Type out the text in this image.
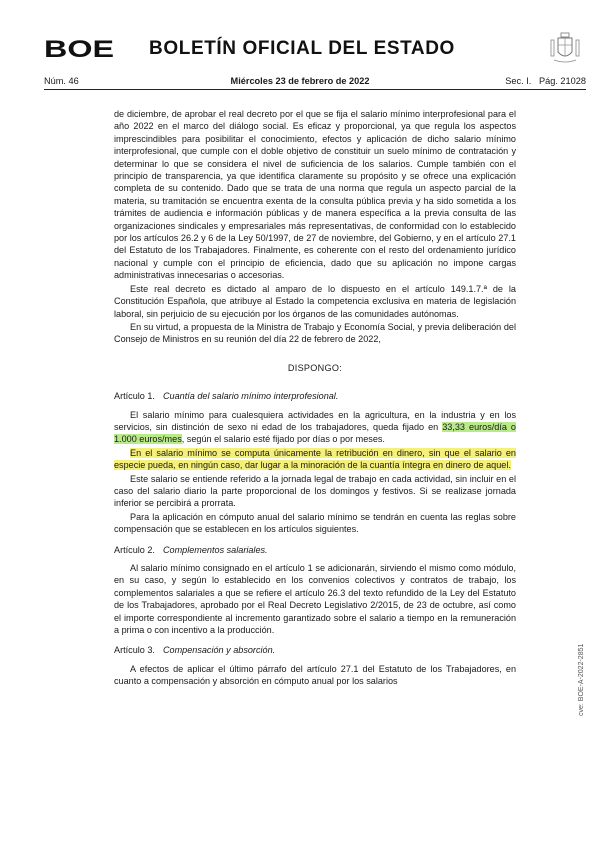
BOE	BOLETÍN OFICIAL DEL ESTADO
Núm. 46	Miércoles 23 de febrero de 2022	Sec. I. Pág. 21028

de diciembre, de aprobar el real decreto por el que se fija el salario mínimo interprofesional para el año 2022 en el marco del diálogo social. Es eficaz y proporcional, ya que regula los aspectos imprescindibles para posibilitar el conocimiento, efectos y aplicación de dicho salario mínimo interprofesional, que cumple con el doble objetivo de constituir un suelo mínimo de contratación y determinar lo que se considera el nivel de suficiencia de los salarios. Cumple también con el principio de transparencia, ya que identifica claramente su propósito y se ofrece una explicación completa de su contenido. Dado que se trata de una norma que regula un aspecto parcial de la materia, su tramitación se encuentra exenta de la consulta pública previa y ha sido sometida a los trámites de audiencia e información públicas y de manera específica a la previa consulta de las organizaciones sindicales y empresariales más representativas, de conformidad con lo establecido por los artículos 26.2 y 6 de la Ley 50/1997, de 27 de noviembre, del Gobierno, y en el artículo 27.1 del Estatuto de los Trabajadores. Finalmente, es coherente con el resto del ordenamiento jurídico nacional y cumple con el principio de eficiencia, dado que su aplicación no impone cargas administrativas innecesarias o accesorias.

Este real decreto es dictado al amparo de lo dispuesto en el artículo 149.1.7.ª de la Constitución Española, que atribuye al Estado la competencia exclusiva en materia de legislación laboral, sin perjuicio de su ejecución por los órganos de las comunidades autónomas.

En su virtud, a propuesta de la Ministra de Trabajo y Economía Social, y previa deliberación del Consejo de Ministros en su reunión del día 22 de febrero de 2022,

DISPONGO:
Artículo 1. Cuantía del salario mínimo interprofesional.

El salario mínimo para cualesquiera actividades en la agricultura, en la industria y en los servicios, sin distinción de sexo ni edad de los trabajadores, queda fijado en 33,33 euros/día o 1.000 euros/mes, según el salario esté fijado por días o por meses.

En el salario mínimo se computa únicamente la retribución en dinero, sin que el salario en especie pueda, en ningún caso, dar lugar a la minoración de la cuantía íntegra en dinero de aquel.

Este salario se entiende referido a la jornada legal de trabajo en cada actividad, sin incluir en el caso del salario diario la parte proporcional de los domingos y festivos. Si se realizase jornada inferior se percibirá a prorrata.

Para la aplicación en cómputo anual del salario mínimo se tendrán en cuenta las reglas sobre compensación que se establecen en los artículos siguientes.

Artículo 2. Complementos salariales.

Al salario mínimo consignado en el artículo 1 se adicionarán, sirviendo el mismo como módulo, en su caso, y según lo establecido en los convenios colectivos y contratos de trabajo, los complementos salariales a que se refiere el artículo 26.3 del texto refundido de la Ley del Estatuto de los Trabajadores, aprobado por el Real Decreto Legislativo 2/2015, de 23 de octubre, así como el importe correspondiente al incremento garantizado sobre el salario a tiempo en la remuneración a prima o con incentivo a la producción.

Artículo 3. Compensación y absorción.

A efectos de aplicar el último párrafo del artículo 27.1 del Estatuto de los Trabajadores, en cuanto a compensación y absorción en cómputo anual por los salarios	cve: BOE-A-2022-2851
